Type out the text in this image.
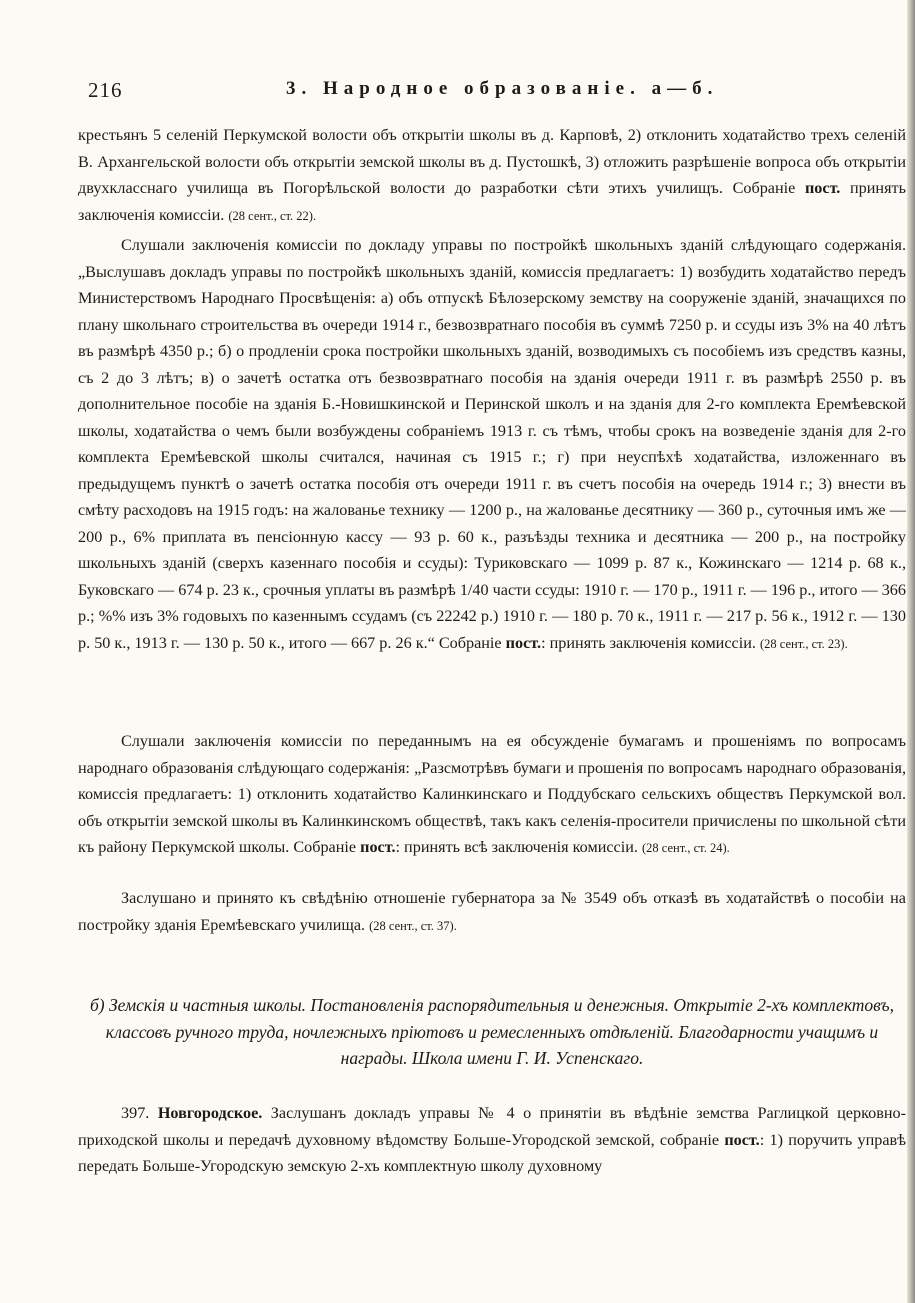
216	3. Народное образованіе. а—б.

крестьянъ 5 селеній Перкумской волости объ открытіи школы въ д. Карповѣ, 2) отклонить ходатайство трехъ селеній В. Архангельской волости объ открытіи земской школы въ д. Пустошкѣ, 3) отложить разрѣшеніе вопроса объ открытіи двухкласснаго училища въ Погорѣльской волости до разработки сѣти этихъ училищъ. Собраніе пост. принять заключенія комиссіи. (28 сент., ст. 22).

Слушали заключенія комиссіи по докладу управы по постройкѣ школьныхъ зданій слѣдующаго содержанія. „Выслушавъ докладъ управы по постройкѣ школьныхъ зданій, комиссія предлагаетъ: 1) возбудить ходатайство передъ Министерствомъ Народнаго Просвѣщенія: а) объ отпускѣ Бѣлозерскому земству на сооруженіе зданій, значащихся по плану школьнаго строительства въ очереди 1914 г., безвозвратнаго пособія въ суммѣ 7250 р. и ссуды изъ 3% на 40 лѣтъ въ размѣрѣ 4350 р.; б) о продленіи срока постройки школьныхъ зданій, возводимыхъ съ пособіемъ изъ средствъ казны, съ 2 до 3 лѣтъ; в) о зачетѣ остатка отъ безвозвратнаго пособія на зданія очереди 1911 г. въ размѣрѣ 2550 р. въ дополнительное пособіе на зданія Б.-Новишкинской и Перинской школъ и на зданія для 2-го комплекта Еремѣевской школы, ходатайства о чемъ были возбуждены собраніемъ 1913 г. съ тѣмъ, чтобы срокъ на возведеніе зданія для 2-го комплекта Еремѣевской школы считался, начиная съ 1915 г.; г) при неуспѣхѣ ходатайства, изложеннаго въ предыдущемъ пунктѣ о зачетѣ остатка пособія отъ очереди 1911 г. въ счетъ пособія на очередь 1914 г.; 3) внести въ смѣту расходовъ на 1915 годъ: на жалованье технику — 1200 р., на жалованье десятнику — 360 р., суточныя имъ же — 200 р., 6% приплата въ пенсіонную кассу — 93 р. 60 к., разъѣзды техника и десятника — 200 р., на постройку школьныхъ зданій (сверхъ казеннаго пособія и ссуды): Туриковскаго — 1099 р. 87 к., Кожинскаго — 1214 р. 68 к., Буковскаго — 674 р. 23 к., срочныя уплаты въ размѣрѣ 1/40 части ссуды: 1910 г. — 170 р., 1911 г. — 196 р., итого — 366 р.; %% изъ 3% годовыхъ по казеннымъ ссудамъ (съ 22242 р.) 1910 г. — 180 р. 70 к., 1911 г. — 217 р. 56 к., 1912 г. — 130 р. 50 к., 1913 г. — 130 р. 50 к., итого — 667 р. 26 к.“ Собраніе пост.: принять заключенія комиссіи. (28 сент., ст. 23).

Слушали заключенія комиссіи по переданнымъ на ея обсужденіе бумагамъ и прошеніямъ по вопросамъ народнаго образованія слѣдующаго содержанія: „Разсмотрѣвъ бумаги и прошенія по вопросамъ народнаго образованія, комиссія предлагаетъ: 1) отклонить ходатайство Калинкинскаго и Поддубскаго сельскихъ обществъ Перкумской вол. объ открытіи земской школы въ Калинкинскомъ обществѣ, такъ какъ селенія-просители причислены по школьной сѣти къ району Перкумской школы. Собраніе пост.: принять всѣ заключенія комиссіи. (28 сент., ст. 24).

Заслушано и принято къ свѣдѣнію отношеніе губернатора за № 3549 объ отказѣ въ ходатайствѣ о пособіи на постройку зданія Еремѣевскаго училища. (28 сент., ст. 37).

б) Земскія и частныя школы. Постановленія распорядительныя и денежныя. Открытіе 2-хъ комплектовъ, классовъ ручного труда, ночлежныхъ пріютовъ и ремесленныхъ отдѣленій. Благодарности учащимъ и награды. Школа имени Г. И. Успенскаго.

397. Новгородское. Заслушанъ докладъ управы № 4 о принятіи въ вѣдѣніе земства Раглицкой церковно-приходской школы и передачѣ духовному вѣдомству Больше-Угородской земской, собраніе пост.: 1) поручить управѣ передать Больше-Угородскую земскую 2-хъ комплектную школу духовному
